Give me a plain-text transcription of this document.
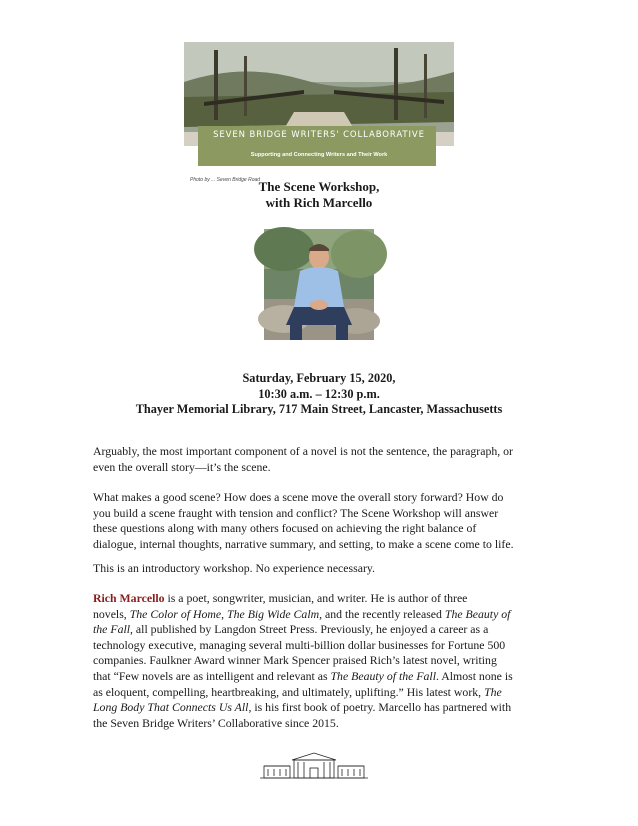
SEVEN BRIDGE WRITERS' COLLABORATIVE
Supporting and Connecting Writers and Their Work
Photo by ... Seven Bridge Road
The Scene Workshop,
with Rich Marcello
Saturday, February 15, 2020,
10:30 a.m. – 12:30 p.m.
Thayer Memorial Library, 717 Main Street, Lancaster, Massachusetts
Arguably, the most important component of a novel is not the sentence, the paragraph, or
even the overall story—it’s the scene.
What makes a good scene? How does a scene move the overall story forward? How do
you build a scene fraught with tension and conflict? The Scene Workshop will answer
these questions along with many others focused on achieving the right balance of
dialogue, internal thoughts, narrative summary, and setting, to make a scene come to life.
This is an introductory workshop. No experience necessary.
Rich Marcello is a poet, songwriter, musician, and writer. He is author of three
novels, The Color of Home, The Big Wide Calm, and the recently released The Beauty of
the Fall, all published by Langdon Street Press. Previously, he enjoyed a career as a
technology executive, managing several multi-billion dollar businesses for Fortune 500
companies. Faulkner Award winner Mark Spencer praised Rich’s latest novel, writing
that “Few novels are as intelligent and relevant as The Beauty of the Fall. Almost none is
as eloquent, compelling, heartbreaking, and ultimately, uplifting.” His latest work, The
Long Body That Connects Us All, is his first book of poetry. Marcello has partnered with
the Seven Bridge Writers’ Collaborative since 2015.
